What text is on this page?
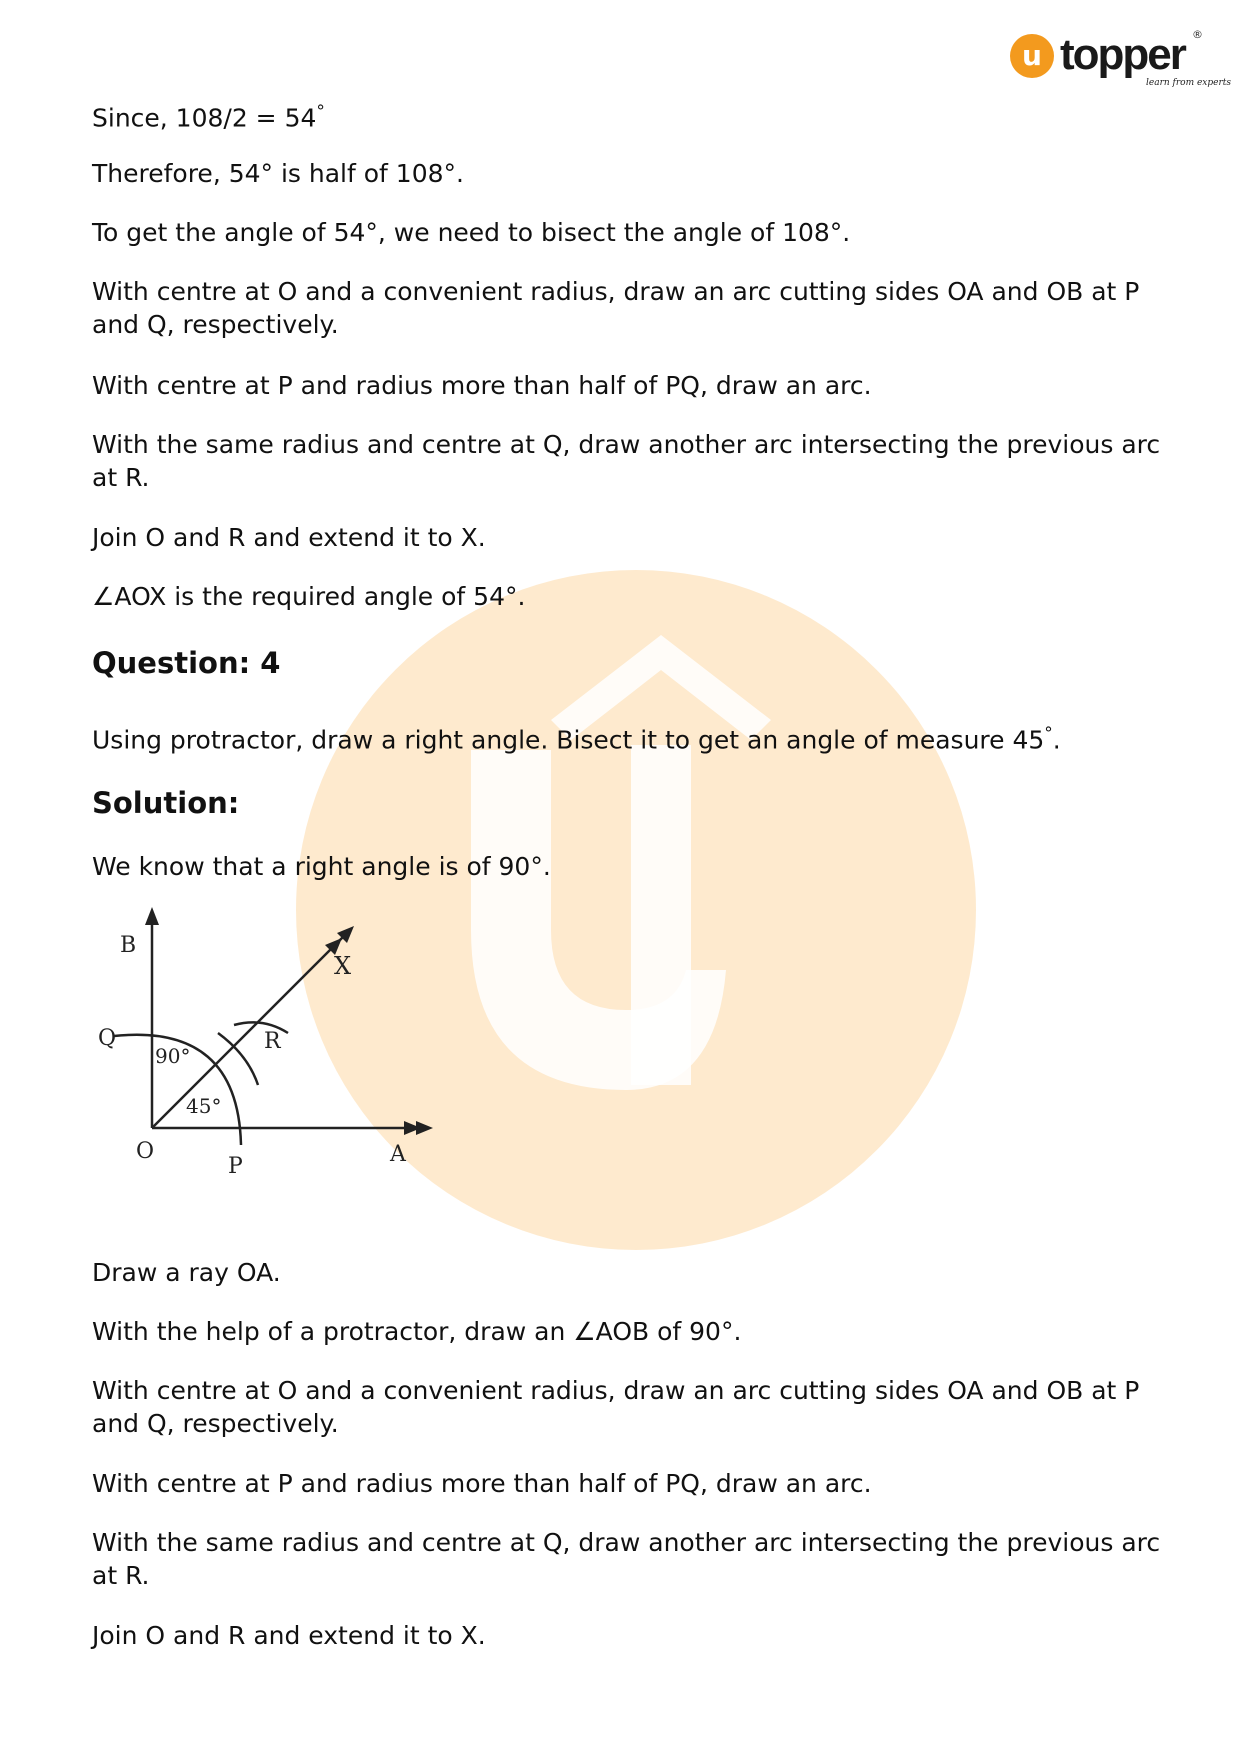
u topper
learn from experts
®

Since, 108/2 = 54°

Therefore, 54° is half of 108°.

To get the angle of 54°, we need to bisect the angle of 108°.

With centre at O and a convenient radius, draw an arc cutting sides OA and OB at P and Q, respectively.

With centre at P and radius more than half of PQ, draw an arc.

With the same radius and centre at Q, draw another arc intersecting the previous arc at R.

Join O and R and extend it to X.

∠AOX is the required angle of 54°.

Question: 4

Using protractor, draw a right angle. Bisect it to get an angle of measure 45°.

Solution:

We know that a right angle is of 90°.

Draw a ray OA.

With the help of a protractor, draw an ∠AOB of 90°.

With centre at O and a convenient radius, draw an arc cutting sides OA and OB at P and Q, respectively.

With centre at P and radius more than half of PQ, draw an arc.

With the same radius and centre at Q, draw another arc intersecting the previous arc at R.

Join O and R and extend it to X.

B
Q
O
P	A
R
X
90°
45°
